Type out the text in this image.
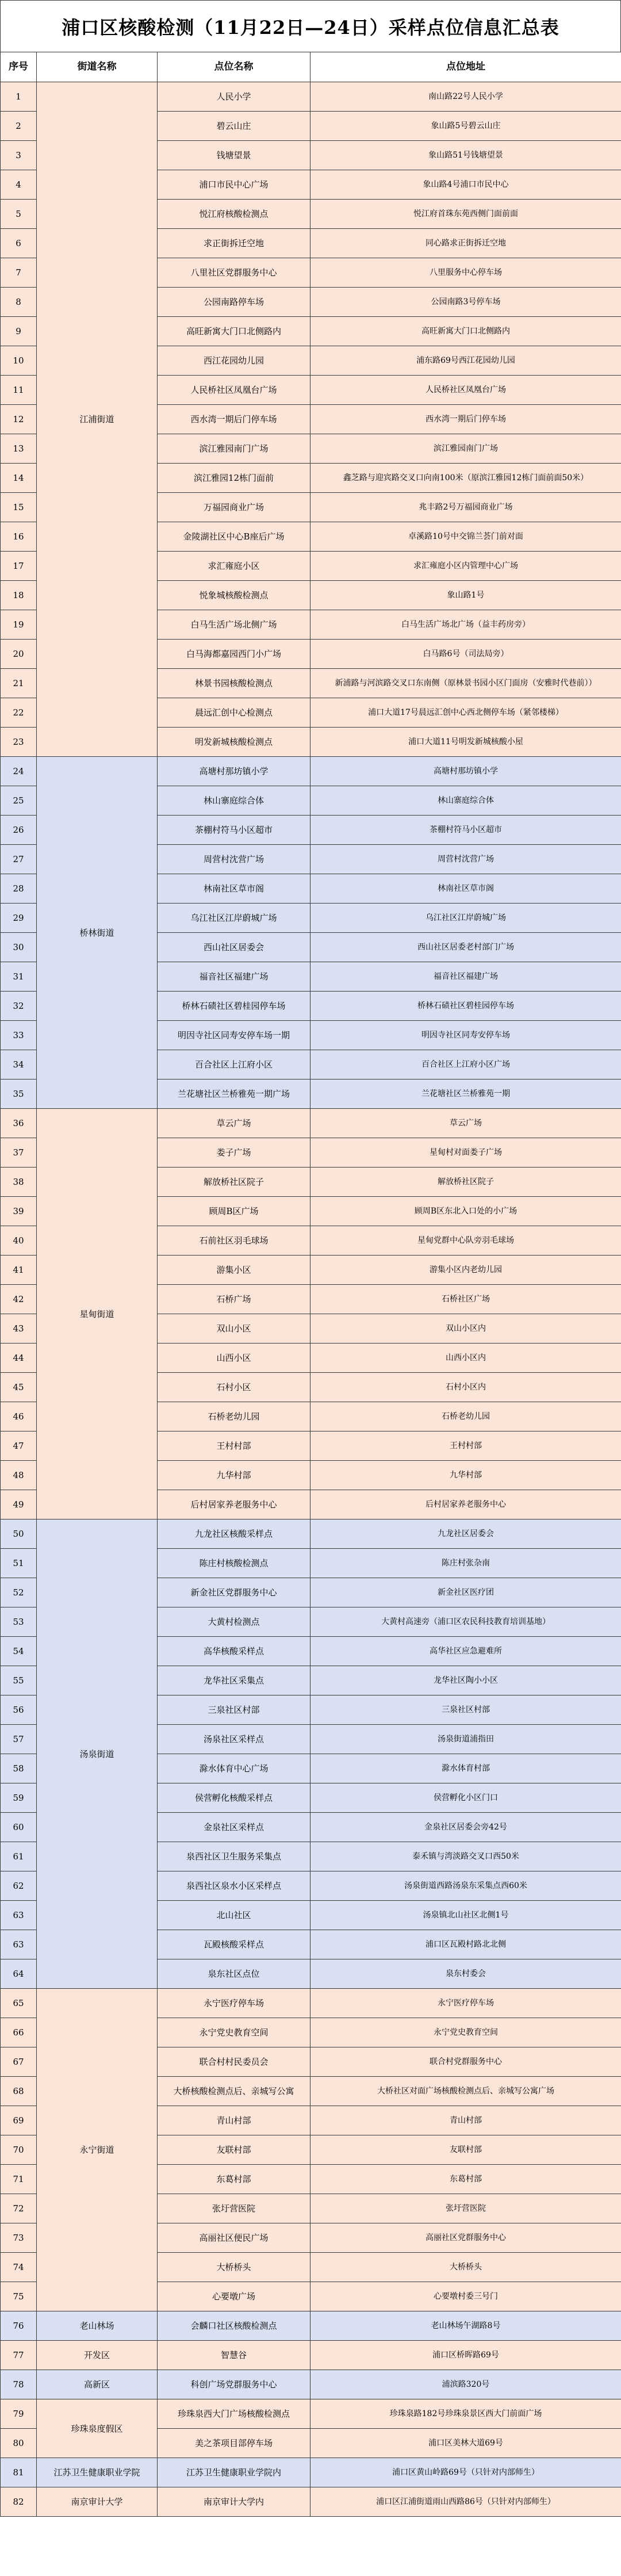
浦口区核酸检测（11月22日—24日）采样点位信息汇总表
序号	街道名称	点位名称	点位地址
1	江浦街道	人民小学	南山路22号人民小学
2		碧云山庄	象山路5号碧云山庄
3		钱塘望景	象山路51号钱塘望景
4		浦口市民中心广场	象山路4号浦口市民中心
5		悦江府核酸检测点	悦江府首珠东苑西侧门面前面
6		求正街拆迁空地	同心路求正街拆迁空地
7		八里社区党群服务中心	八里服务中心停车场
8		公园南路停车场	公园南路3号停车场
9		高旺新寓大门口北侧路内	高旺新寓大门口北侧路内
10		西江花园幼儿园	浦东路69号西江花园幼儿园
11		人民桥社区凤凰台广场	人民桥社区凤凰台广场
12		西水湾一期后门停车场	西水湾一期后门停车场
13		滨江雅园南门广场	滨江雅园南门广场
14		滨江雅园12栋门面前	鑫芝路与迎宾路交叉口向南100米（原滨江雅园12栋门面前面50米）
15		万福园商业广场	兆丰路2号万福园商业广场
16		金陵湖社区中心B座后广场	卓溪路10号中交锦兰荟门前对面
17		求汇雍庭小区	求汇雍庭小区内管理中心广场
18		悦象城核酸检测点	象山路1号
19		白马生活广场北侧广场	白马生活广场北广场（益丰药房旁）
20		白马海都嘉园西门小广场	白马路6号（司法局旁）
21		林景书园核酸检测点	新浦路与河滨路交叉口东南侧（原林景书园小区门面房（安雅时代巷前））
22		晨远汇创中心检测点	浦口大道17号晨远汇创中心西北侧停车场（紧邻楼梯）
23		明发新城核酸检测点	浦口大道11号明发新城核酸小屋
24	桥林街道	高塘村那坊镇小学	高塘村那坊镇小学
25		林山寨庭综合体	林山寨庭综合体
26		茶棚村符马小区超市	茶棚村符马小区超市
27		周营村沈营广场	周营村沈营广场
28		林南社区草市阁	林南社区草市阁
29		乌江社区江岸蔚城广场	乌江社区江岸蔚城广场
30		西山社区居委会	西山社区居委老村部门广场
31		福音社区福建广场	福音社区福建广场
32		桥林石碛社区碧桂园停车场	桥林石碛社区碧桂园停车场
33		明因寺社区同寿安停车场一期	明因寺社区同寿安停车场
34		百合社区上江府小区	百合社区上江府小区广场
35		兰花塘社区兰桥雅苑一期广场	兰花塘社区兰桥雅苑一期
36	星甸街道	草云广场	草云广场
37		娄子广场	星甸村对面娄子广场
38		解放桥社区院子	解放桥社区院子
39		顾周B区广场	顾周B区东北入口处的小广场
40		石前社区羽毛球场	星甸党群中心队旁羽毛球场
41		游集小区	游集小区内老幼儿园
42		石桥广场	石桥社区广场
43		双山小区	双山小区内
44		山西小区	山西小区内
45		石村小区	石村小区内
46		石桥老幼儿园	石桥老幼儿园
47		王村村部	王村村部
48		九华村部	九华村部
49		后村居家养老服务中心	后村居家养老服务中心
50	汤泉街道	九龙社区核酸采样点	九龙社区居委会
51		陈庄村核酸检测点	陈庄村张杂南
52		新金社区党群服务中心	新金社区医疗团
53		大黄村检测点	大黄村高速旁（浦口区农民科技教育培训基地）
54		高华核酸采样点	高华社区应急避难所
55		龙华社区采集点	龙华社区陶小小区
56		三泉社区村部	三泉社区村部
57		汤泉社区采样点	汤泉街道浦指田
58		滁水体育中心广场	滁水体育村部
59		侯营孵化核酸采样点	侯营孵化小区门口
60		金泉社区采样点	金泉社区居委会旁42号
61		泉西社区卫生服务采集点	泰禾镇与湾淡路交叉口西50米
62		泉西社区泉水小区采样点	汤泉街道西路汤泉东采集点西60米
63		北山社区	汤泉镇北山社区北侧1号
63		瓦殿核酸采样点	浦口区瓦殿村路北北侧
64		泉东社区点位	泉东村委会
65	永宁街道	永宁医疗停车场	永宁医疗停车场
66		永宁党史教育空间	永宁党史教育空间
67		联合村村民委员会	联合村党群服务中心
68		大桥核酸检测点后、亲城写公寓	大桥社区对面广场核酸检测点后、亲城写公寓广场
69		青山村部	青山村部
70		友联村部	友联村部
71		东葛村部	东葛村部
72		张圩营医院	张圩营医院
73		高丽社区便民广场	高丽社区党群服务中心
74		大桥桥头	大桥桥头
75		心要墩广场	心要墩村委三号门
76	老山林场	会麟口社区核酸检测点	老山林场午湖路8号
77	开发区	智慧谷	浦口区桥晖路69号
78	高新区	科创广场党群服务中心	浦滨路320号
79	珍珠泉度假区	珍珠泉西大门广场核酸检测点	珍珠泉路182号珍珠泉景区西大门前面广场
80		美之茶项目部停车场	浦口区美林大道69号
81	江苏卫生健康职业学院	江苏卫生健康职业学院内	浦口区黄山岭路69号（只针对内部师生）
82	南京审计大学	南京审计大学内	浦口区江浦街道雨山西路86号（只针对内部师生）
